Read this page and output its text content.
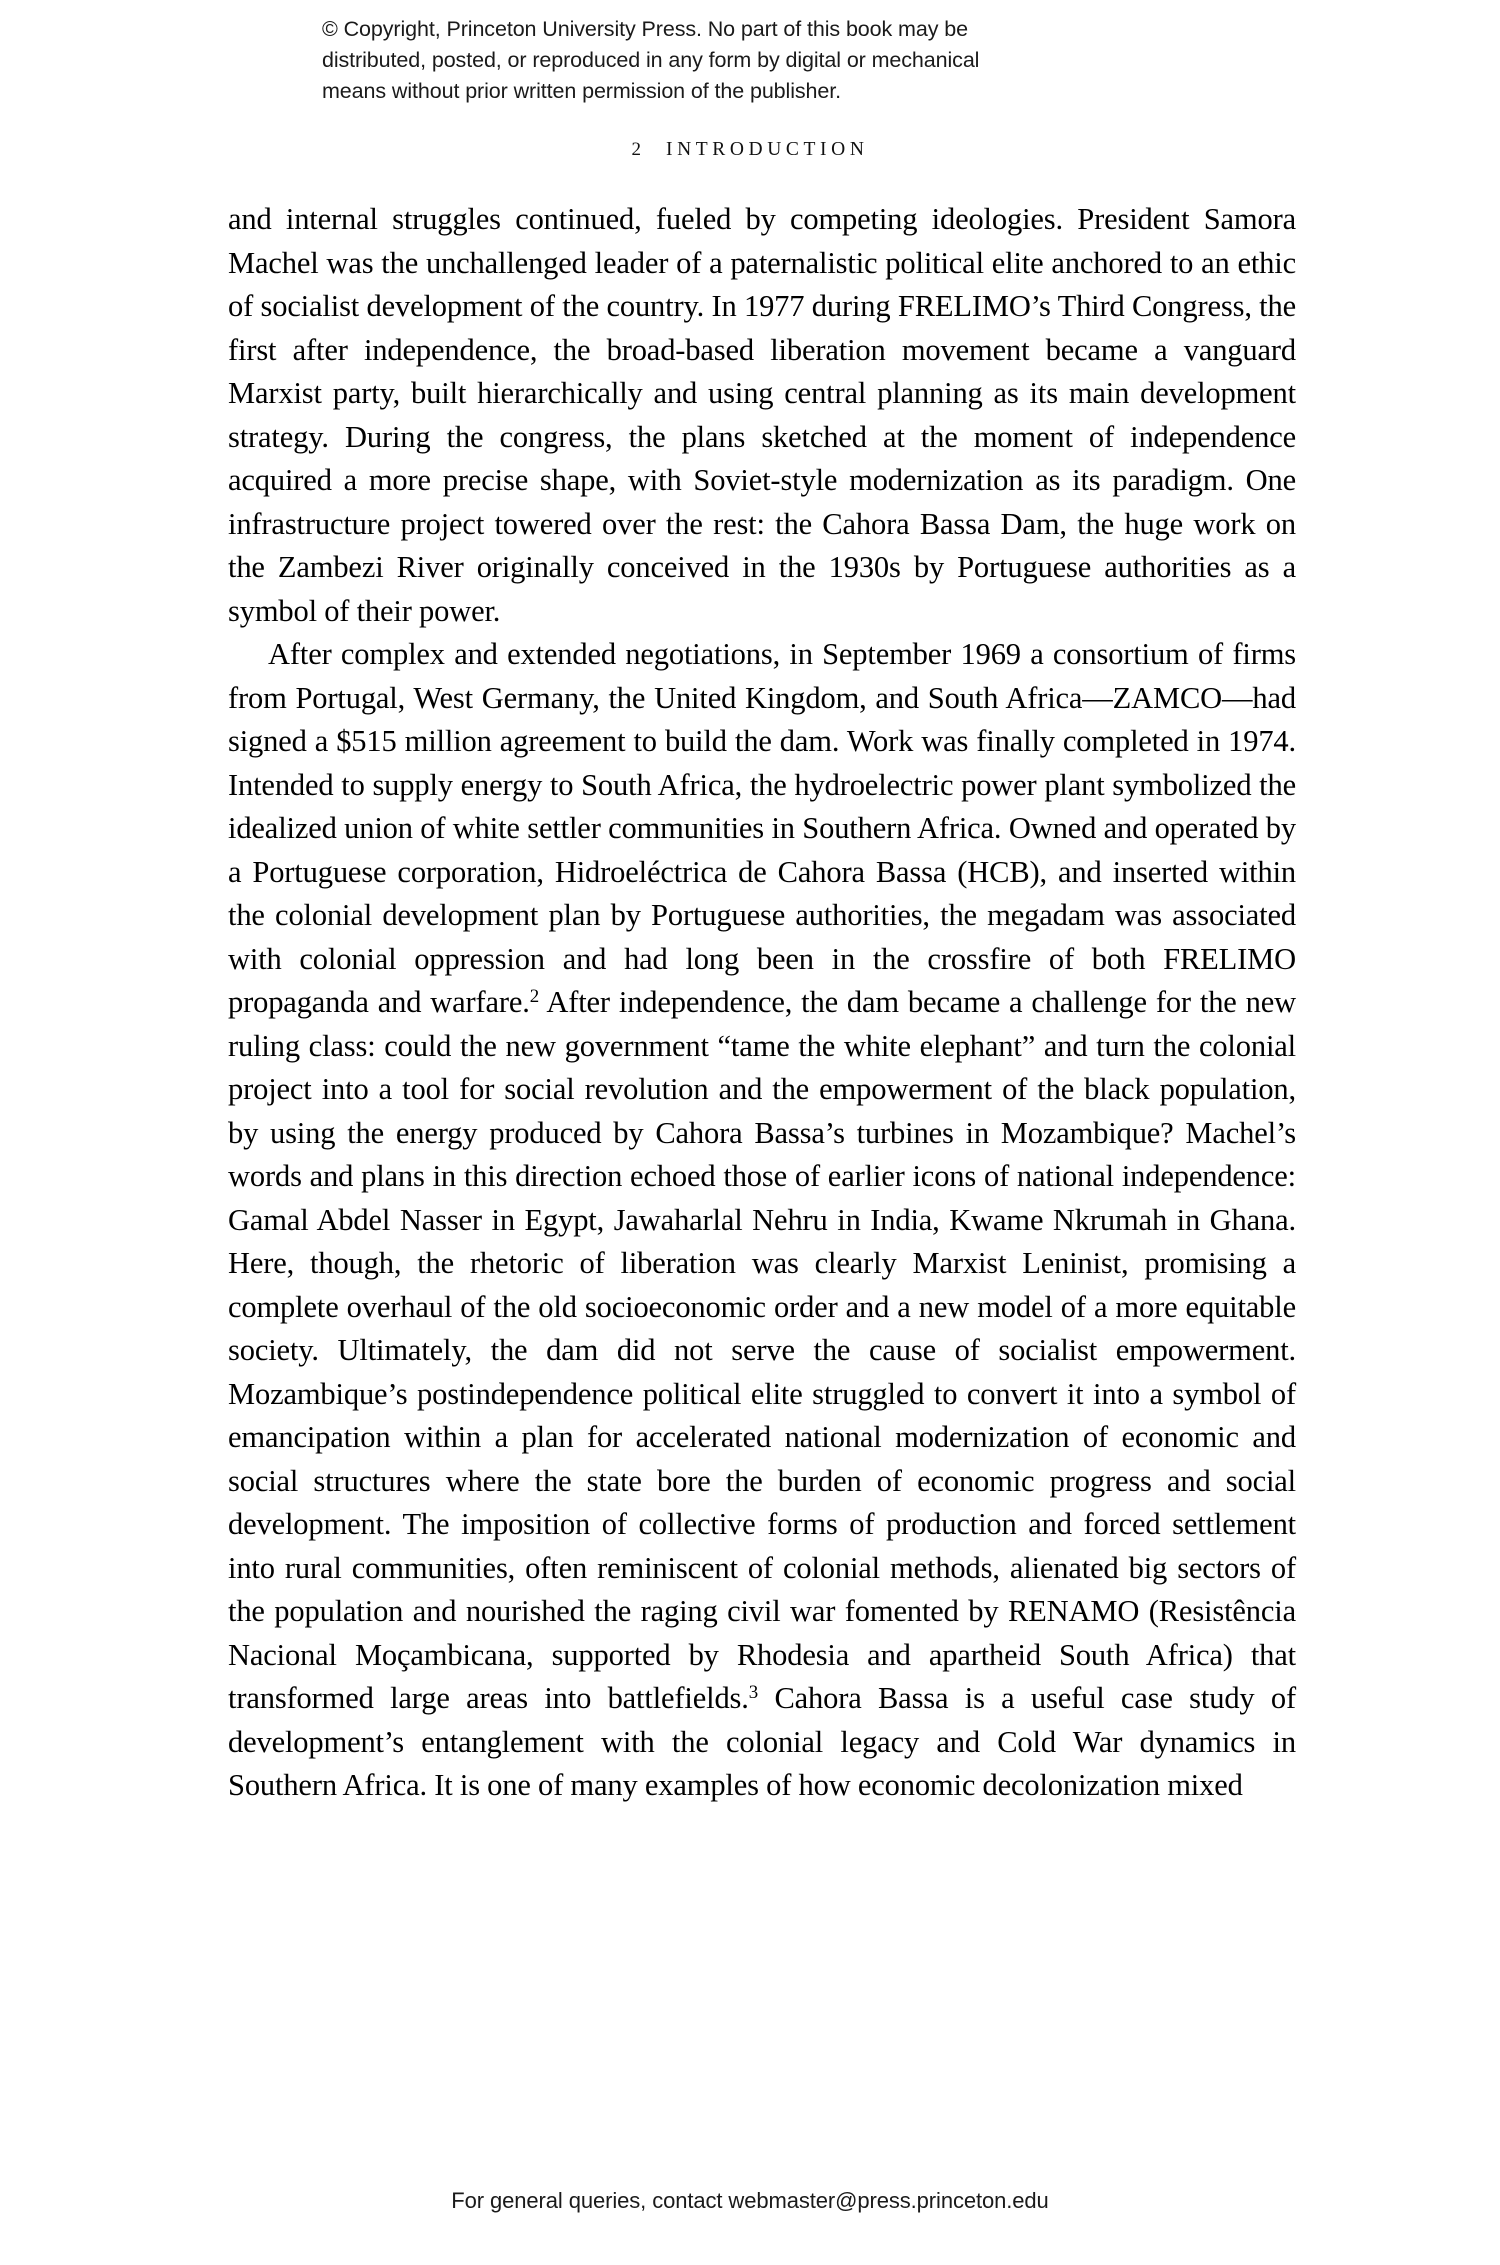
© Copyright, Princeton University Press. No part of this book may be
distributed, posted, or reproduced in any form by digital or mechanical
means without prior written permission of the publisher.
2 INTRODUCTION

and internal struggles continued, fueled by competing ideologies. President Samora Machel was the unchallenged leader of a paternalistic political elite anchored to an ethic of socialist development of the country. In 1977 during FRELIMO’s Third Congress, the first after independence, the broad-based liberation movement became a vanguard Marxist party, built hierarchically and using central planning as its main development strategy. During the congress, the plans sketched at the moment of independence acquired a more precise shape, with Soviet-style modernization as its paradigm. One infrastructure project towered over the rest: the Cahora Bassa Dam, the huge work on the Zambezi River originally conceived in the 1930s by Portuguese authorities as a symbol of their power.

After complex and extended negotiations, in September 1969 a consortium of firms from Portugal, West Germany, the United Kingdom, and South Africa—ZAMCO—had signed a $515 million agreement to build the dam. Work was finally completed in 1974. Intended to supply energy to South Africa, the hydroelectric power plant symbolized the idealized union of white settler communities in Southern Africa. Owned and operated by a Portuguese corporation, Hidroeléctrica de Cahora Bassa (HCB), and inserted within the colonial development plan by Portuguese authorities, the megadam was associated with colonial oppression and had long been in the crossfire of both FRELIMO propaganda and warfare.$^2$ After independence, the dam became a challenge for the new ruling class: could the new government “tame the white elephant” and turn the colonial project into a tool for social revolution and the empowerment of the black population, by using the energy produced by Cahora Bassa’s turbines in Mozambique? Machel’s words and plans in this direction echoed those of earlier icons of national independence: Gamal Abdel Nasser in Egypt, Jawaharlal Nehru in India, Kwame Nkrumah in Ghana. Here, though, the rhetoric of liberation was clearly Marxist Leninist, promising a complete overhaul of the old socioeconomic order and a new model of a more equitable society. Ultimately, the dam did not serve the cause of socialist empowerment. Mozambique’s postindependence political elite struggled to convert it into a symbol of emancipation within a plan for accelerated national modernization of economic and social structures where the state bore the burden of economic progress and social development. The imposition of collective forms of production and forced settlement into rural communities, often reminiscent of colonial methods, alienated big sectors of the population and nourished the raging civil war fomented by RENAMO (Resistência Nacional Moçambicana, supported by Rhodesia and apartheid South Africa) that transformed large areas into battlefields.$^3$ Cahora Bassa is a useful case study of development’s entanglement with the colonial legacy and Cold War dynamics in Southern Africa. It is one of many examples of how economic decolonization mixed

For general queries, contact webmaster@press.princeton.edu
